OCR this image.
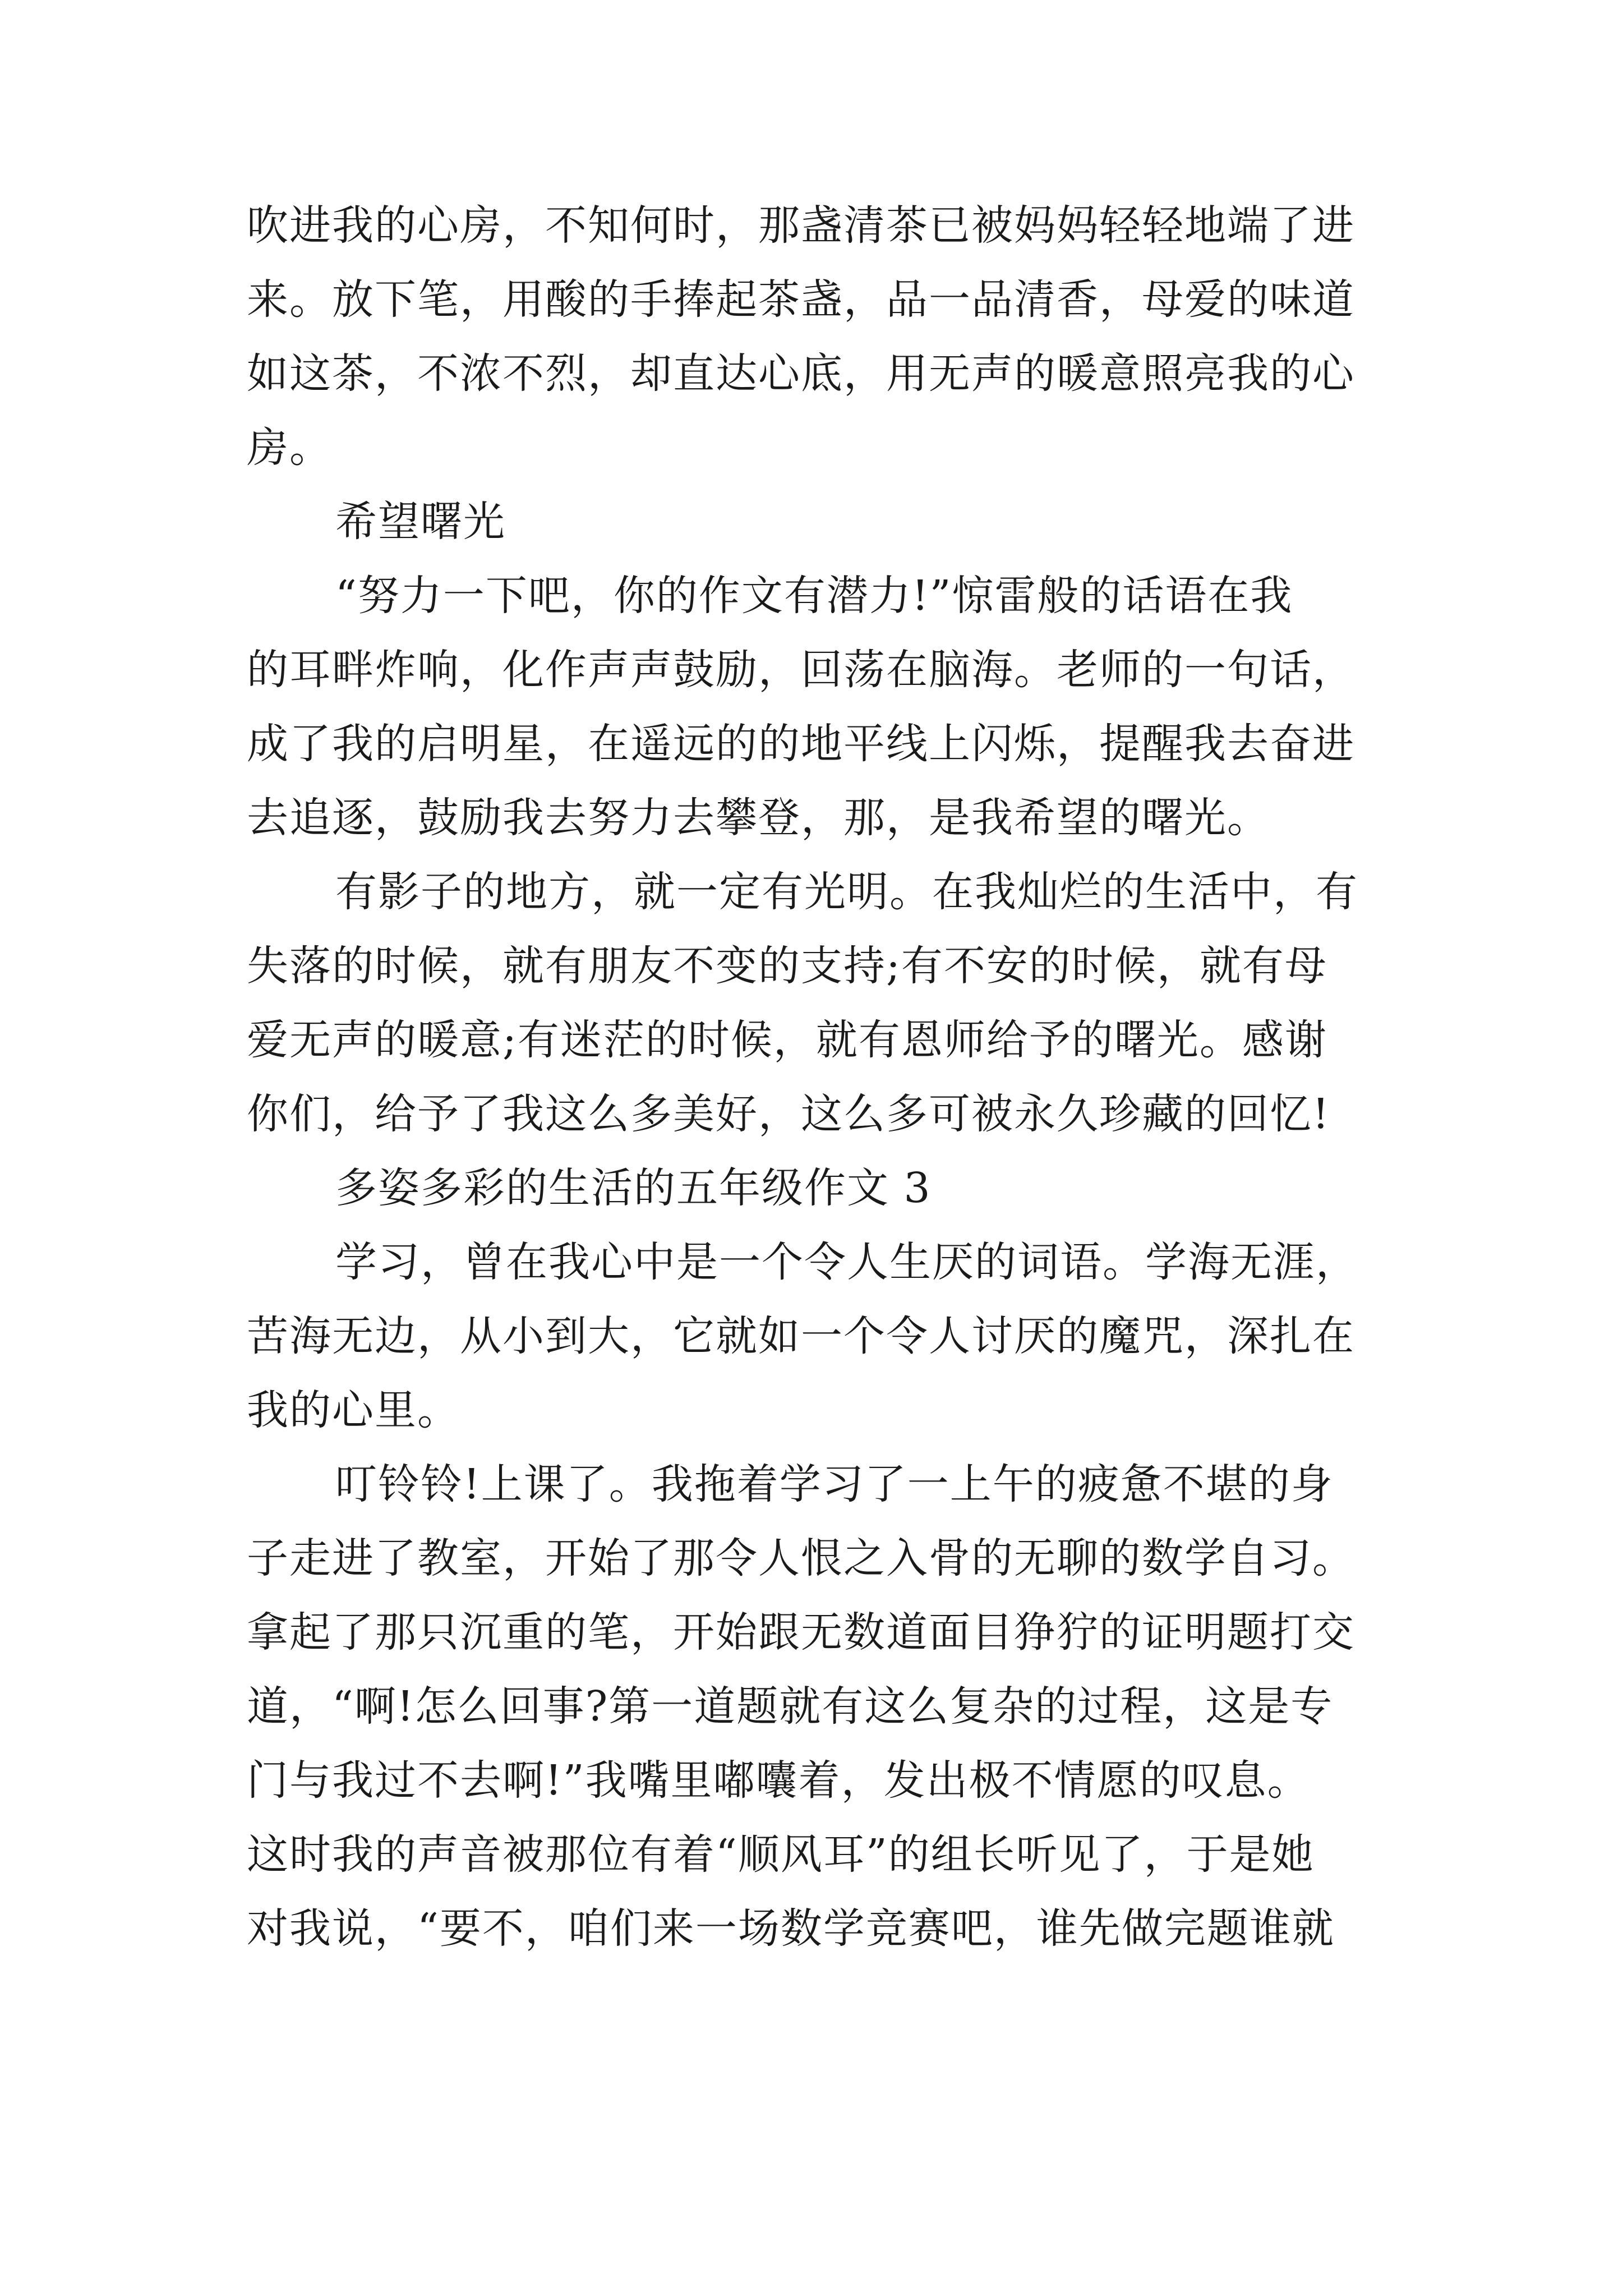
吹进我的心房，不知何时，那盏清茶已被妈妈轻轻地端了进
来。放下笔，用酸的手捧起茶盏，品一品清香，母爱的味道
如这茶，不浓不烈，却直达心底，用无声的暖意照亮我的心
房。
希望曙光
“努力一下吧，你的作文有潜力!”惊雷般的话语在我
的耳畔炸响，化作声声鼓励，回荡在脑海。老师的一句话，
成了我的启明星，在遥远的的地平线上闪烁，提醒我去奋进
去追逐，鼓励我去努力去攀登，那，是我希望的曙光。
有影子的地方，就一定有光明。在我灿烂的生活中，有
失落的时候，就有朋友不变的支持;有不安的时候，就有母
爱无声的暖意;有迷茫的时候，就有恩师给予的曙光。感谢
你们，给予了我这么多美好，这么多可被永久珍藏的回忆!
多姿多彩的生活的五年级作文 3
学习，曾在我心中是一个令人生厌的词语。学海无涯，
苦海无边，从小到大，它就如一个令人讨厌的魔咒，深扎在
我的心里。
叮铃铃!上课了。我拖着学习了一上午的疲惫不堪的身
子走进了教室，开始了那令人恨之入骨的无聊的数学自习。
拿起了那只沉重的笔，开始跟无数道面目狰狞的证明题打交
道，“啊!怎么回事?第一道题就有这么复杂的过程，这是专
门与我过不去啊!”我嘴里嘟囔着，发出极不情愿的叹息。
这时我的声音被那位有着“顺风耳”的组长听见了，于是她
对我说，“要不，咱们来一场数学竞赛吧，谁先做完题谁就
